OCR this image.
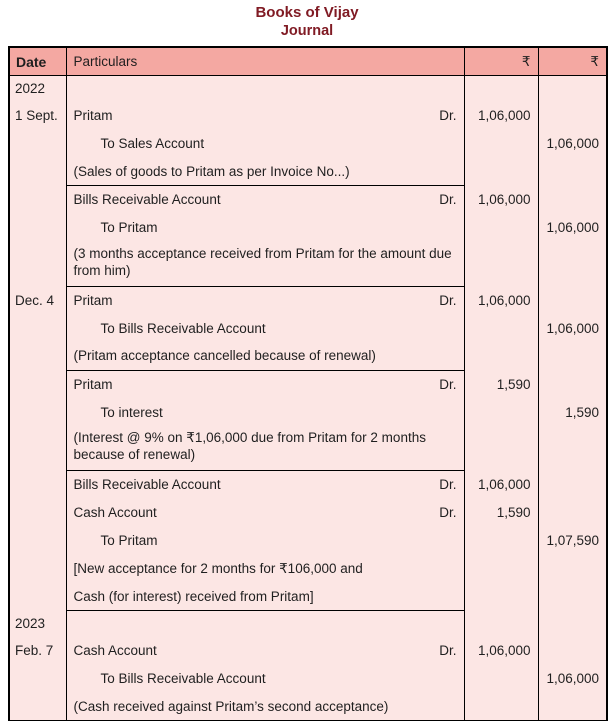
Books of Vijay
Journal
Date	Particulars	₹	₹
2022	

1 Sept.	Pritam Dr.	1,06,000	

	To Sales Account		1,06,000

	(Sales of goods to Pritam as per Invoice No...)		

	Bills Receivable Account Dr.	1,06,000	

	To Pritam		1,06,000

	(3 months acceptance received from Pritam for the amount due from him)		

Dec. 4	Pritam Dr.	1,06,000	

	To Bills Receivable Account		1,06,000

	(Pritam acceptance cancelled because of renewal)		

	Pritam Dr.	1,590	

	To interest		1,590

	(Interest @ 9% on ₹1,06,000 due from Pritam for 2 months because of renewal)		

	Bills Receivable Account Dr.	1,06,000	

	Cash Account Dr.	1,590	

	To Pritam		1,07,590

	[New acceptance for 2 months for ₹106,000 and		

	Cash (for interest) received from Pritam]		

2023	

Feb. 7	Cash Account Dr.	1,06,000	

	To Bills Receivable Account		1,06,000

	(Cash received against Pritam’s second acceptance)		
